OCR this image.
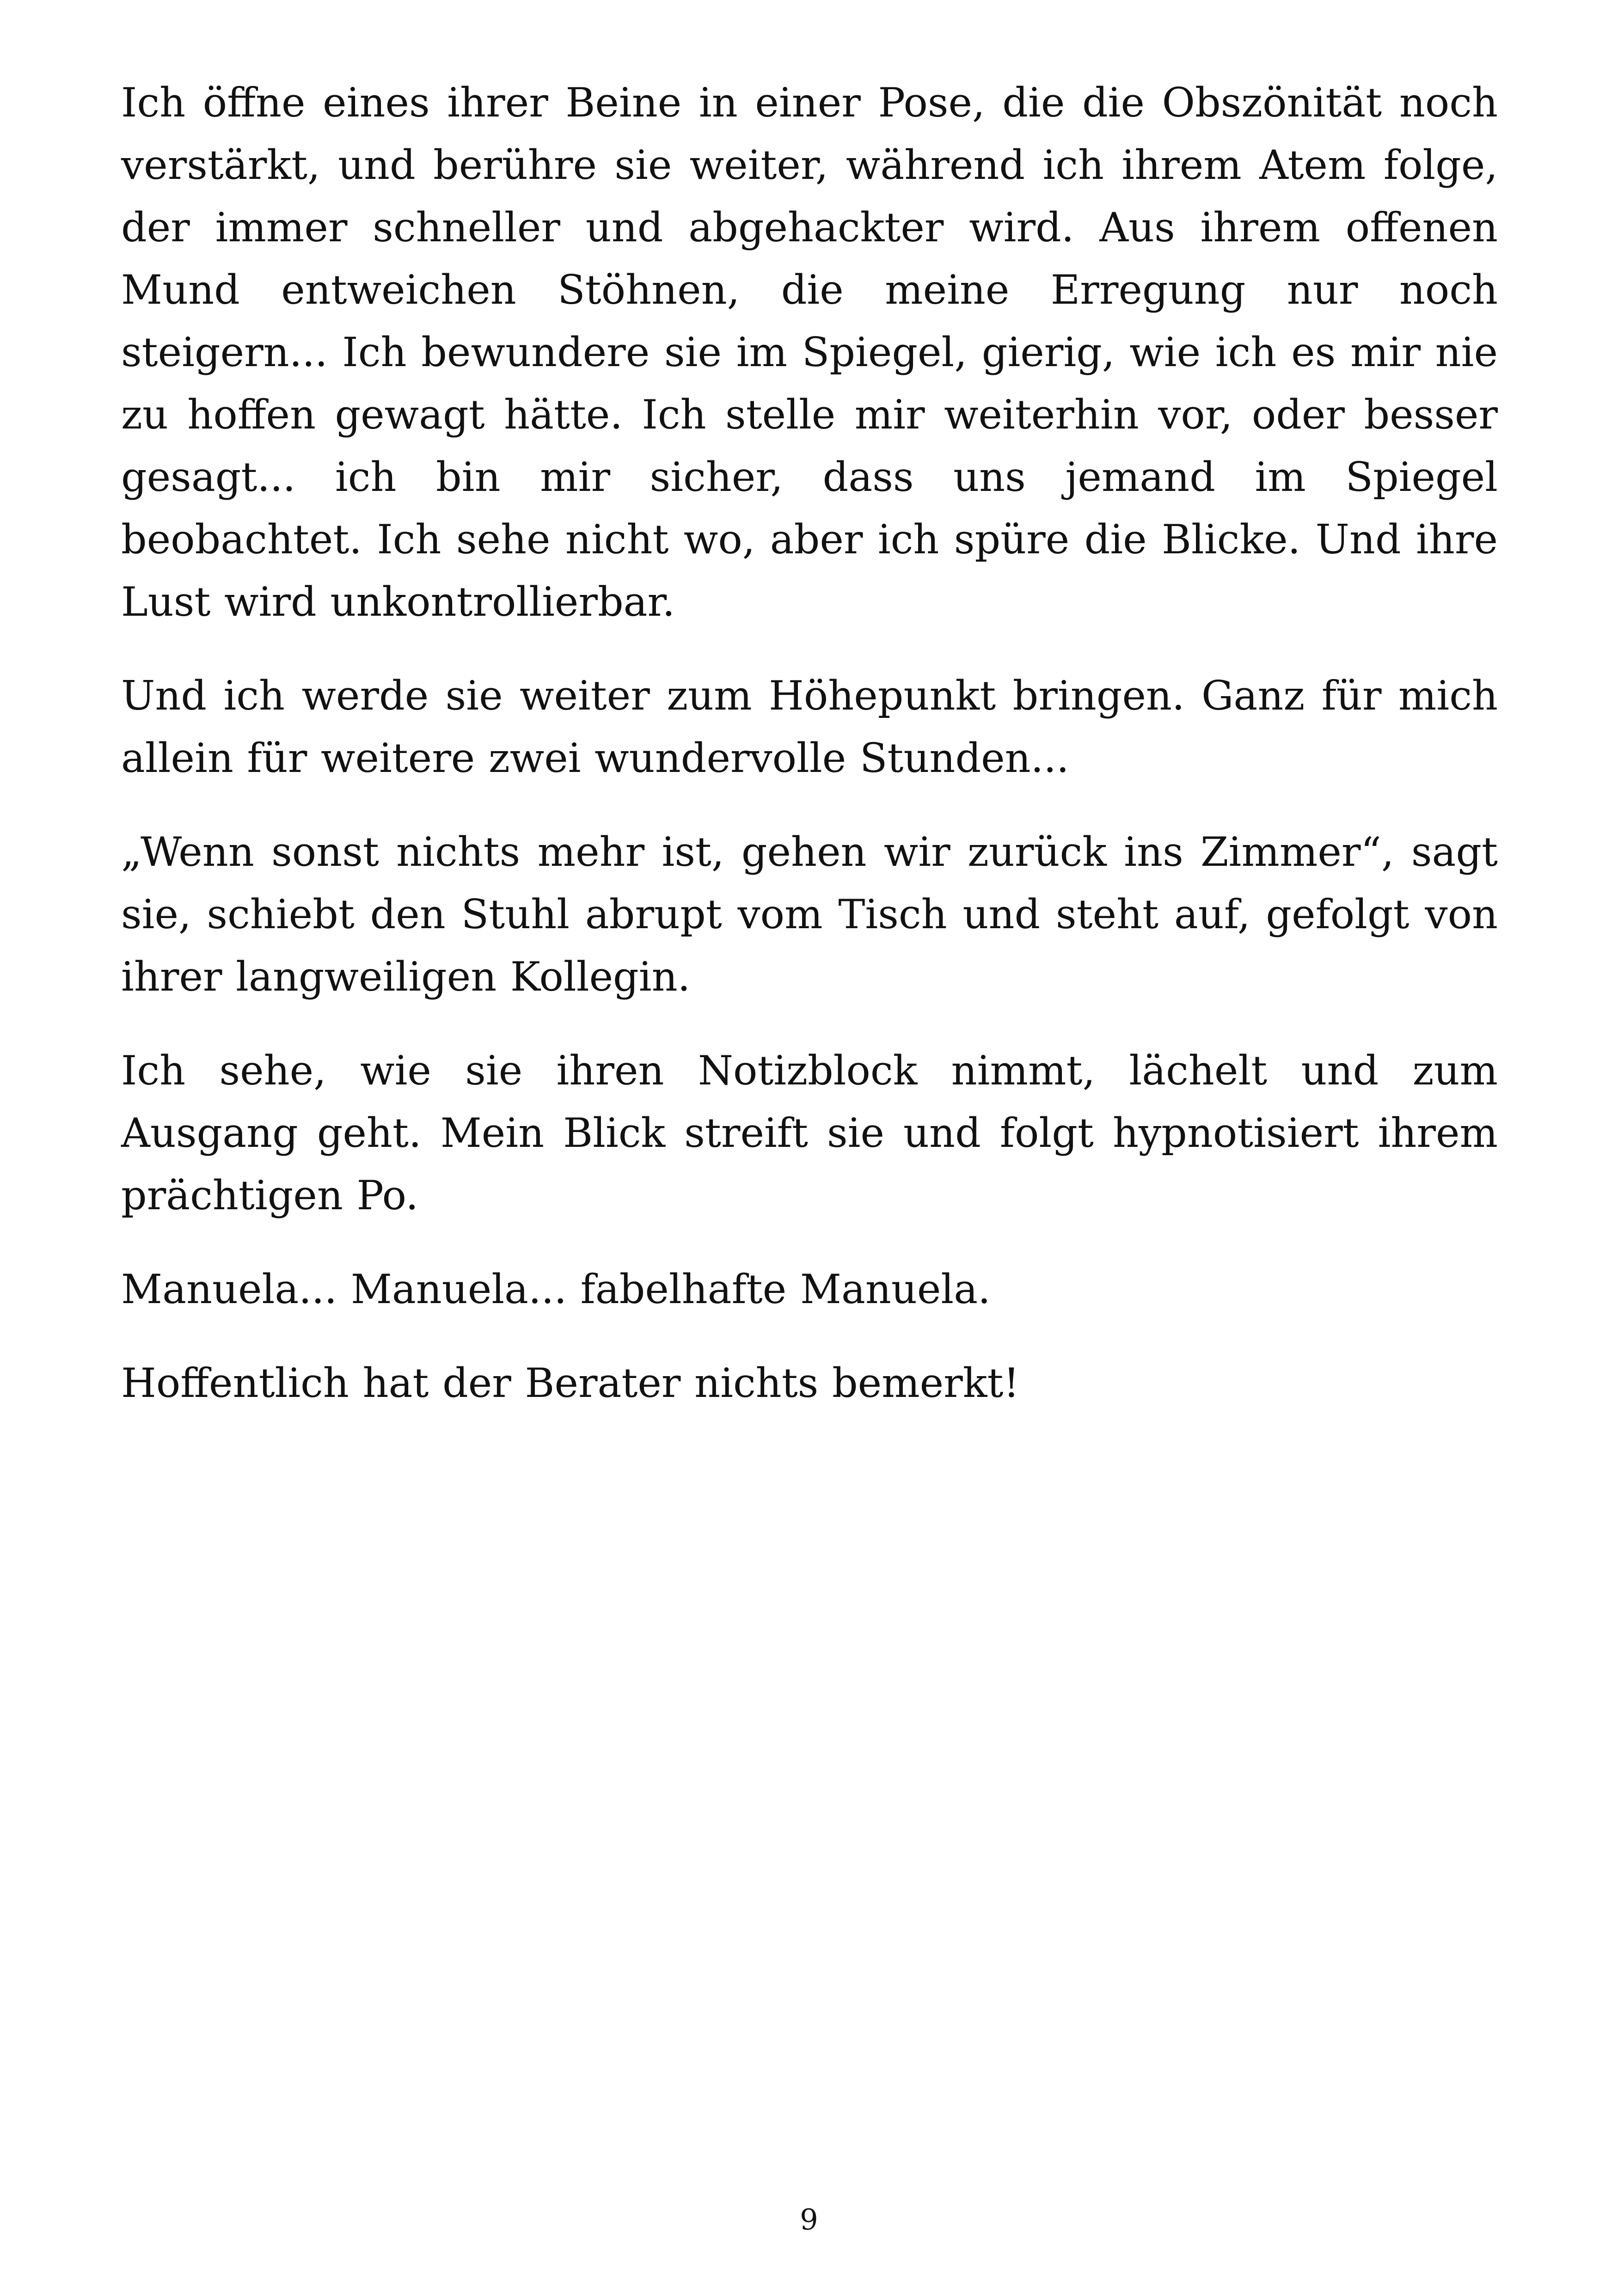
Ich öffne eines ihrer Beine in einer Pose, die die Obszönität noch verstärkt, und berühre sie weiter, während ich ihrem Atem folge, der immer schneller und abgehackter wird. Aus ihrem offenen Mund entweichen Stöhnen, die meine Erregung nur noch steigern... Ich bewundere sie im Spiegel, gierig, wie ich es mir nie zu hoffen gewagt hätte. Ich stelle mir weiterhin vor, oder besser gesagt... ich bin mir sicher, dass uns jemand im Spiegel beobachtet. Ich sehe nicht wo, aber ich spüre die Blicke. Und ihre Lust wird unkontrollierbar.

Und ich werde sie weiter zum Höhepunkt bringen. Ganz für mich allein für weitere zwei wundervolle Stunden...

„Wenn sonst nichts mehr ist, gehen wir zurück ins Zimmer“, sagt sie, schiebt den Stuhl abrupt vom Tisch und steht auf, gefolgt von ihrer langweiligen Kollegin.

Ich sehe, wie sie ihren Notizblock nimmt, lächelt und zum Ausgang geht. Mein Blick streift sie und folgt hypnotisiert ihrem prächtigen Po.

Manuela... Manuela... fabelhafte Manuela.

Hoffentlich hat der Berater nichts bemerkt!

9
